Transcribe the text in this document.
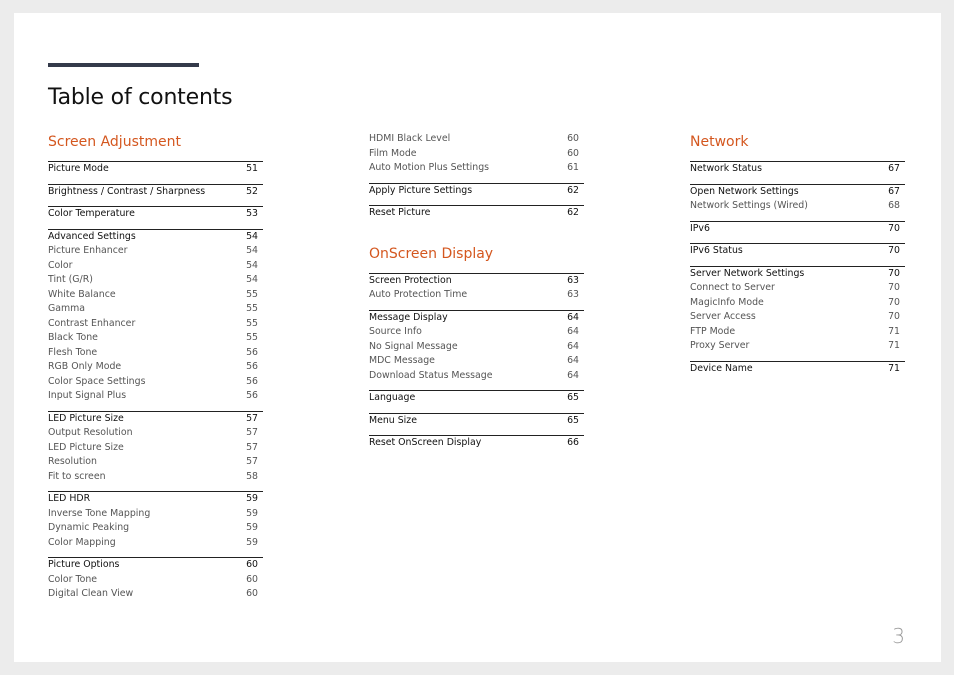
Table of contents
Screen Adjustment
Picture Mode	51
Brightness / Contrast / Sharpness	52
Color Temperature	53
Advanced Settings	54
Picture Enhancer	54
Color	54
Tint (G/R)	54
White Balance	55
Gamma	55
Contrast Enhancer	55
Black Tone	55
Flesh Tone	56
RGB Only Mode	56
Color Space Settings	56
Input Signal Plus	56
LED Picture Size	57
Output Resolution	57
LED Picture Size	57
Resolution	57
Fit to screen	58
LED HDR	59
Inverse Tone Mapping	59
Dynamic Peaking	59
Color Mapping	59
Picture Options	60
Color Tone	60
Digital Clean View	60
HDMI Black Level	60
Film Mode	60
Auto Motion Plus Settings	61
Apply Picture Settings	62
Reset Picture	62
OnScreen Display
Screen Protection	63
Auto Protection Time	63
Message Display	64
Source Info	64
No Signal Message	64
MDC Message	64
Download Status Message	64
Language	65
Menu Size	65
Reset OnScreen Display	66
Network
Network Status	67
Open Network Settings	67
Network Settings (Wired)	68
IPv6	70
IPv6 Status	70
Server Network Settings	70
Connect to Server	70
MagicInfo Mode	70
Server Access	70
FTP Mode	71
Proxy Server	71
Device Name	71
3
